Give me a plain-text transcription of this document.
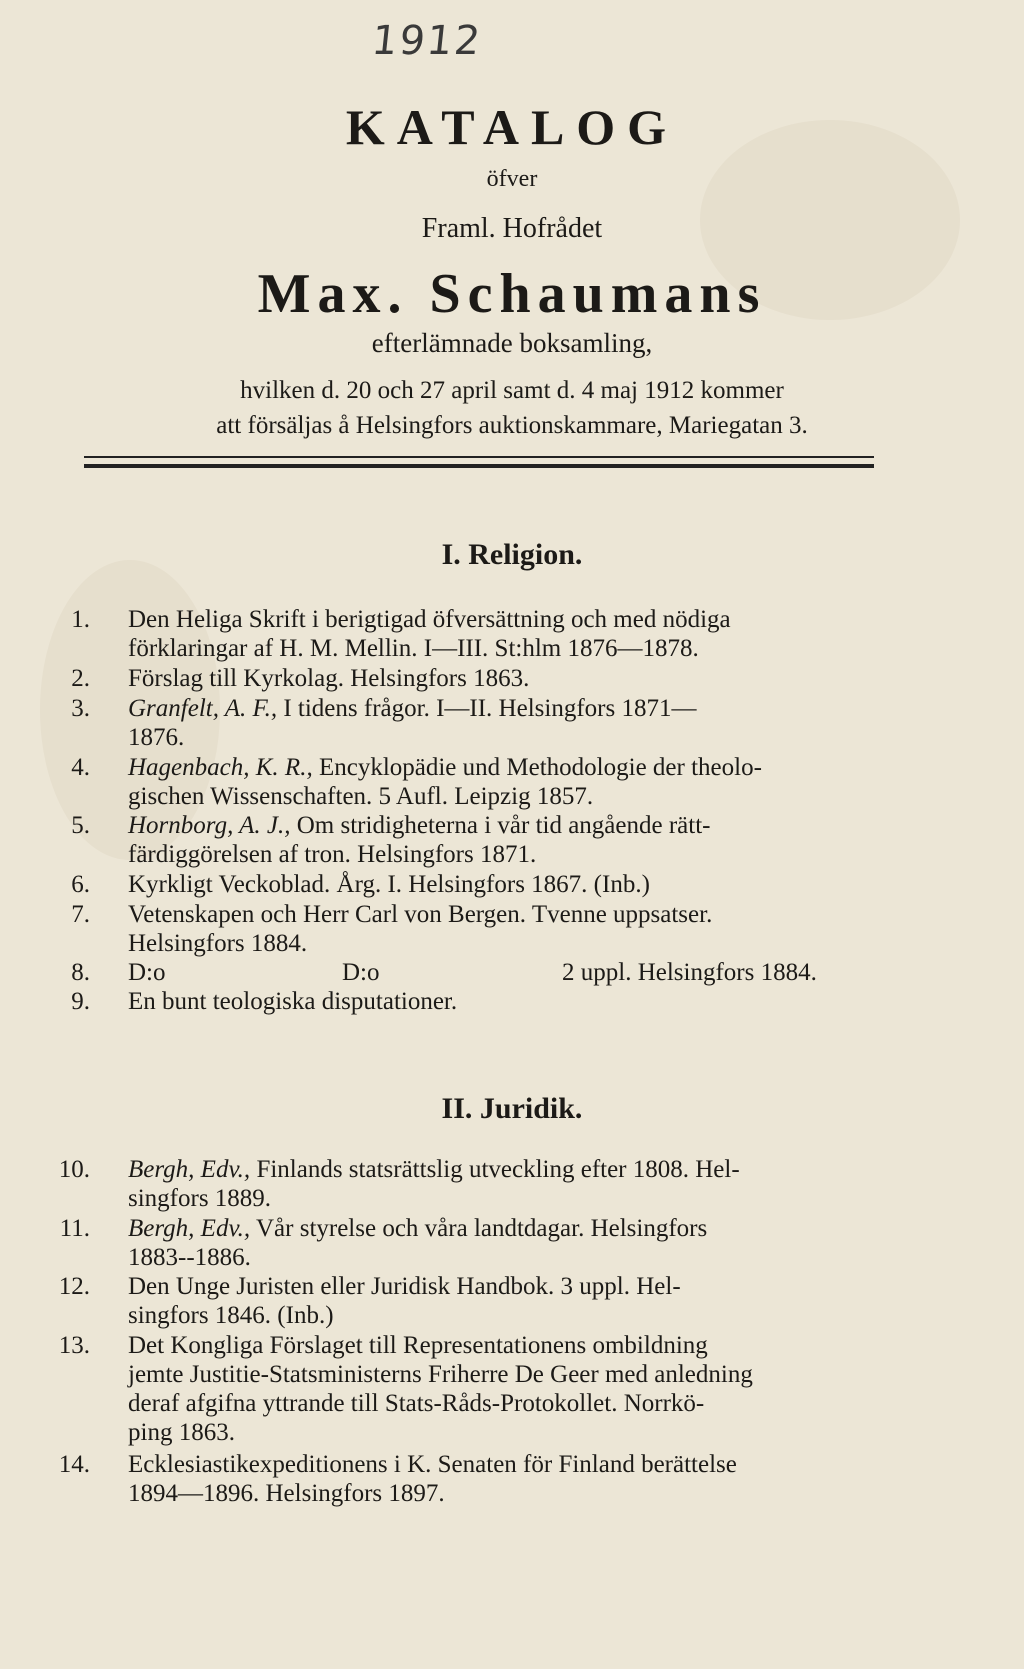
1912
KATALOG
öfver
Framl. Hofrådet
Max. Schaumans
efterlämnade boksamling,
hvilken d. 20 och 27 april samt d. 4 maj 1912 kommer
att försäljas å Helsingfors auktionskammare, Mariegatan 3.
I. Religion.
1. Den Heliga Skrift i berigtigad öfversättning och med nödiga
förklaringar af H. M. Mellin. I—III. St:hlm 1876—1878.
2. Förslag till Kyrkolag. Helsingfors 1863.
3. Granfelt, A. F., I tidens frågor. I—II. Helsingfors 1871—
1876.
4. Hagenbach, K. R., Encyklopädie und Methodologie der theolo-
gischen Wissenschaften. 5 Aufl. Leipzig 1857.
5. Hornborg, A. J., Om stridigheterna i vår tid angående rätt-
färdiggörelsen af tron. Helsingfors 1871.
6. Kyrkligt Veckoblad. Årg. I. Helsingfors 1867. (Inb.)
7. Vetenskapen och Herr Carl von Bergen. Tvenne uppsatser.
Helsingfors 1884.
8. D:o	D:o	2 uppl. Helsingfors 1884.
9. En bunt teologiska disputationer.
II. Juridik.
10. Bergh, Edv., Finlands statsrättslig utveckling efter 1808. Hel-
singfors 1889.
11. Bergh, Edv., Vår styrelse och våra landtdagar. Helsingfors
1883--1886.
12. Den Unge Juristen eller Juridisk Handbok. 3 uppl. Hel-
singfors 1846. (Inb.)
13. Det Kongliga Förslaget till Representationens ombildning
jemte Justitie-Statsministerns Friherre De Geer med anledning
deraf afgifna yttrande till Stats-Råds-Protokollet. Norrkö-
ping 1863.
14. Ecklesiastikexpeditionens i K. Senaten för Finland berättelse
1894—1896. Helsingfors 1897.
